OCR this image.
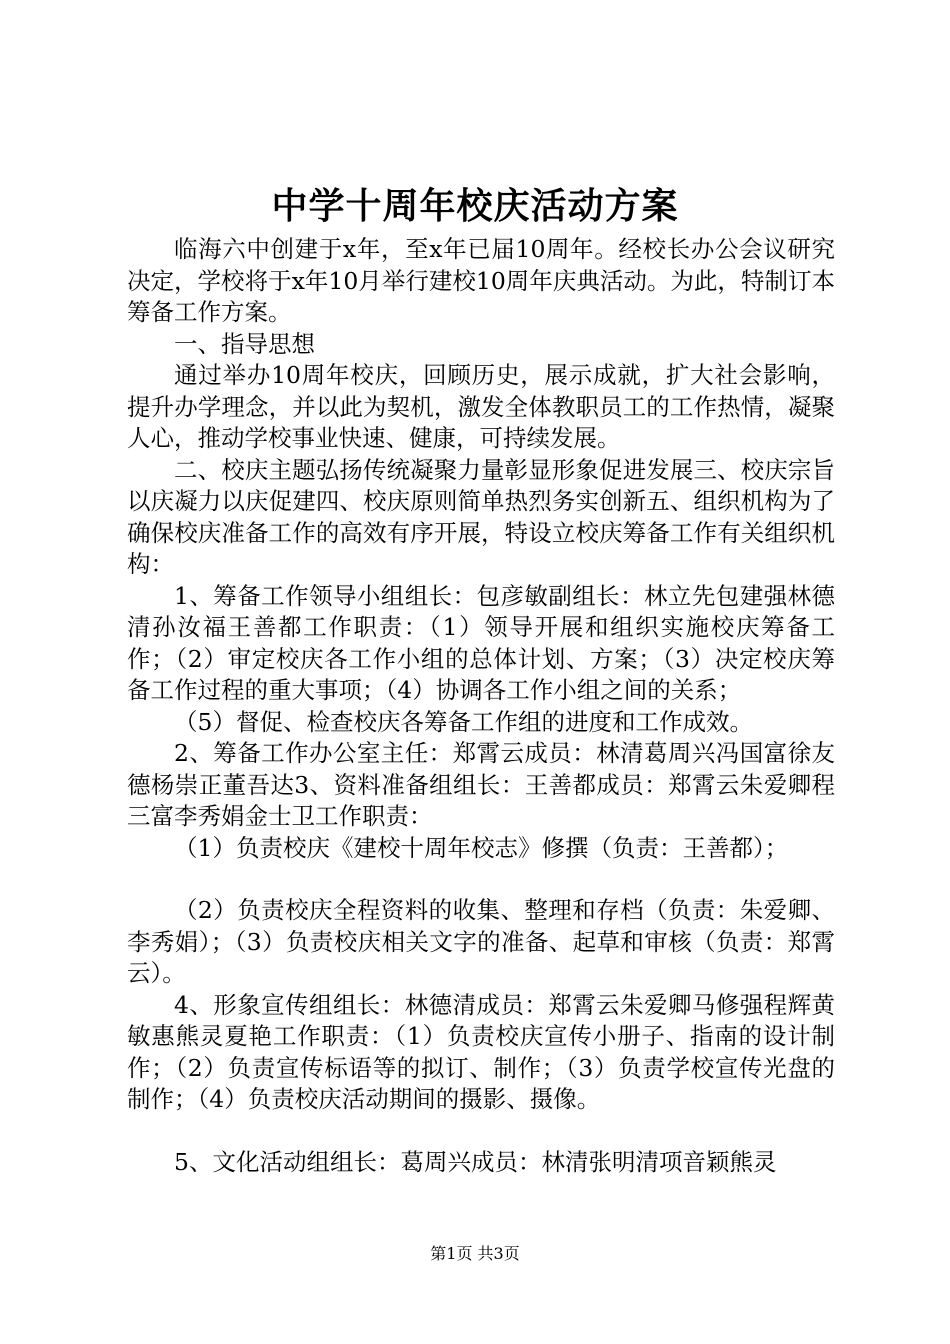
中学十周年校庆活动方案

临海六中创建于x年，至x年已届10周年。经校长办公会议研究决定，学校将于x年10月举行建校10周年庆典活动。为此，特制订本筹备工作方案。

一、指导思想

通过举办10周年校庆，回顾历史，展示成就，扩大社会影响，提升办学理念，并以此为契机，激发全体教职员工的工作热情，凝聚人心，推动学校事业快速、健康，可持续发展。

二、校庆主题弘扬传统凝聚力量彰显形象促进发展三、校庆宗旨以庆凝力以庆促建四、校庆原则简单热烈务实创新五、组织机构为了确保校庆准备工作的高效有序开展，特设立校庆筹备工作有关组织机构：

1、筹备工作领导小组组长：包彦敏副组长：林立先包建强林德清孙汝福王善都工作职责：（1）领导开展和组织实施校庆筹备工作；（2）审定校庆各工作小组的总体计划、方案；（3）决定校庆筹备工作过程的重大事项；（4）协调各工作小组之间的关系；

（5）督促、检查校庆各筹备工作组的进度和工作成效。

2、筹备工作办公室主任：郑霄云成员：林清葛周兴冯国富徐友德杨崇正董吾达3、资料准备组组长：王善都成员：郑霄云朱爱卿程三富李秀娟金士卫工作职责：

（1）负责校庆《建校十周年校志》修撰（负责：王善都）；

（2）负责校庆全程资料的收集、整理和存档（负责：朱爱卿、李秀娟）；（3）负责校庆相关文字的准备、起草和审核（负责：郑霄云）。

4、形象宣传组组长：林德清成员：郑霄云朱爱卿马修强程辉黄敏惠熊灵夏艳工作职责：（1）负责校庆宣传小册子、指南的设计制作；（2）负责宣传标语等的拟订、制作；（3）负责学校宣传光盘的制作；（4）负责校庆活动期间的摄影、摄像。

5、文化活动组组长：葛周兴成员：林清张明清项音颖熊灵

第1页 共3页
